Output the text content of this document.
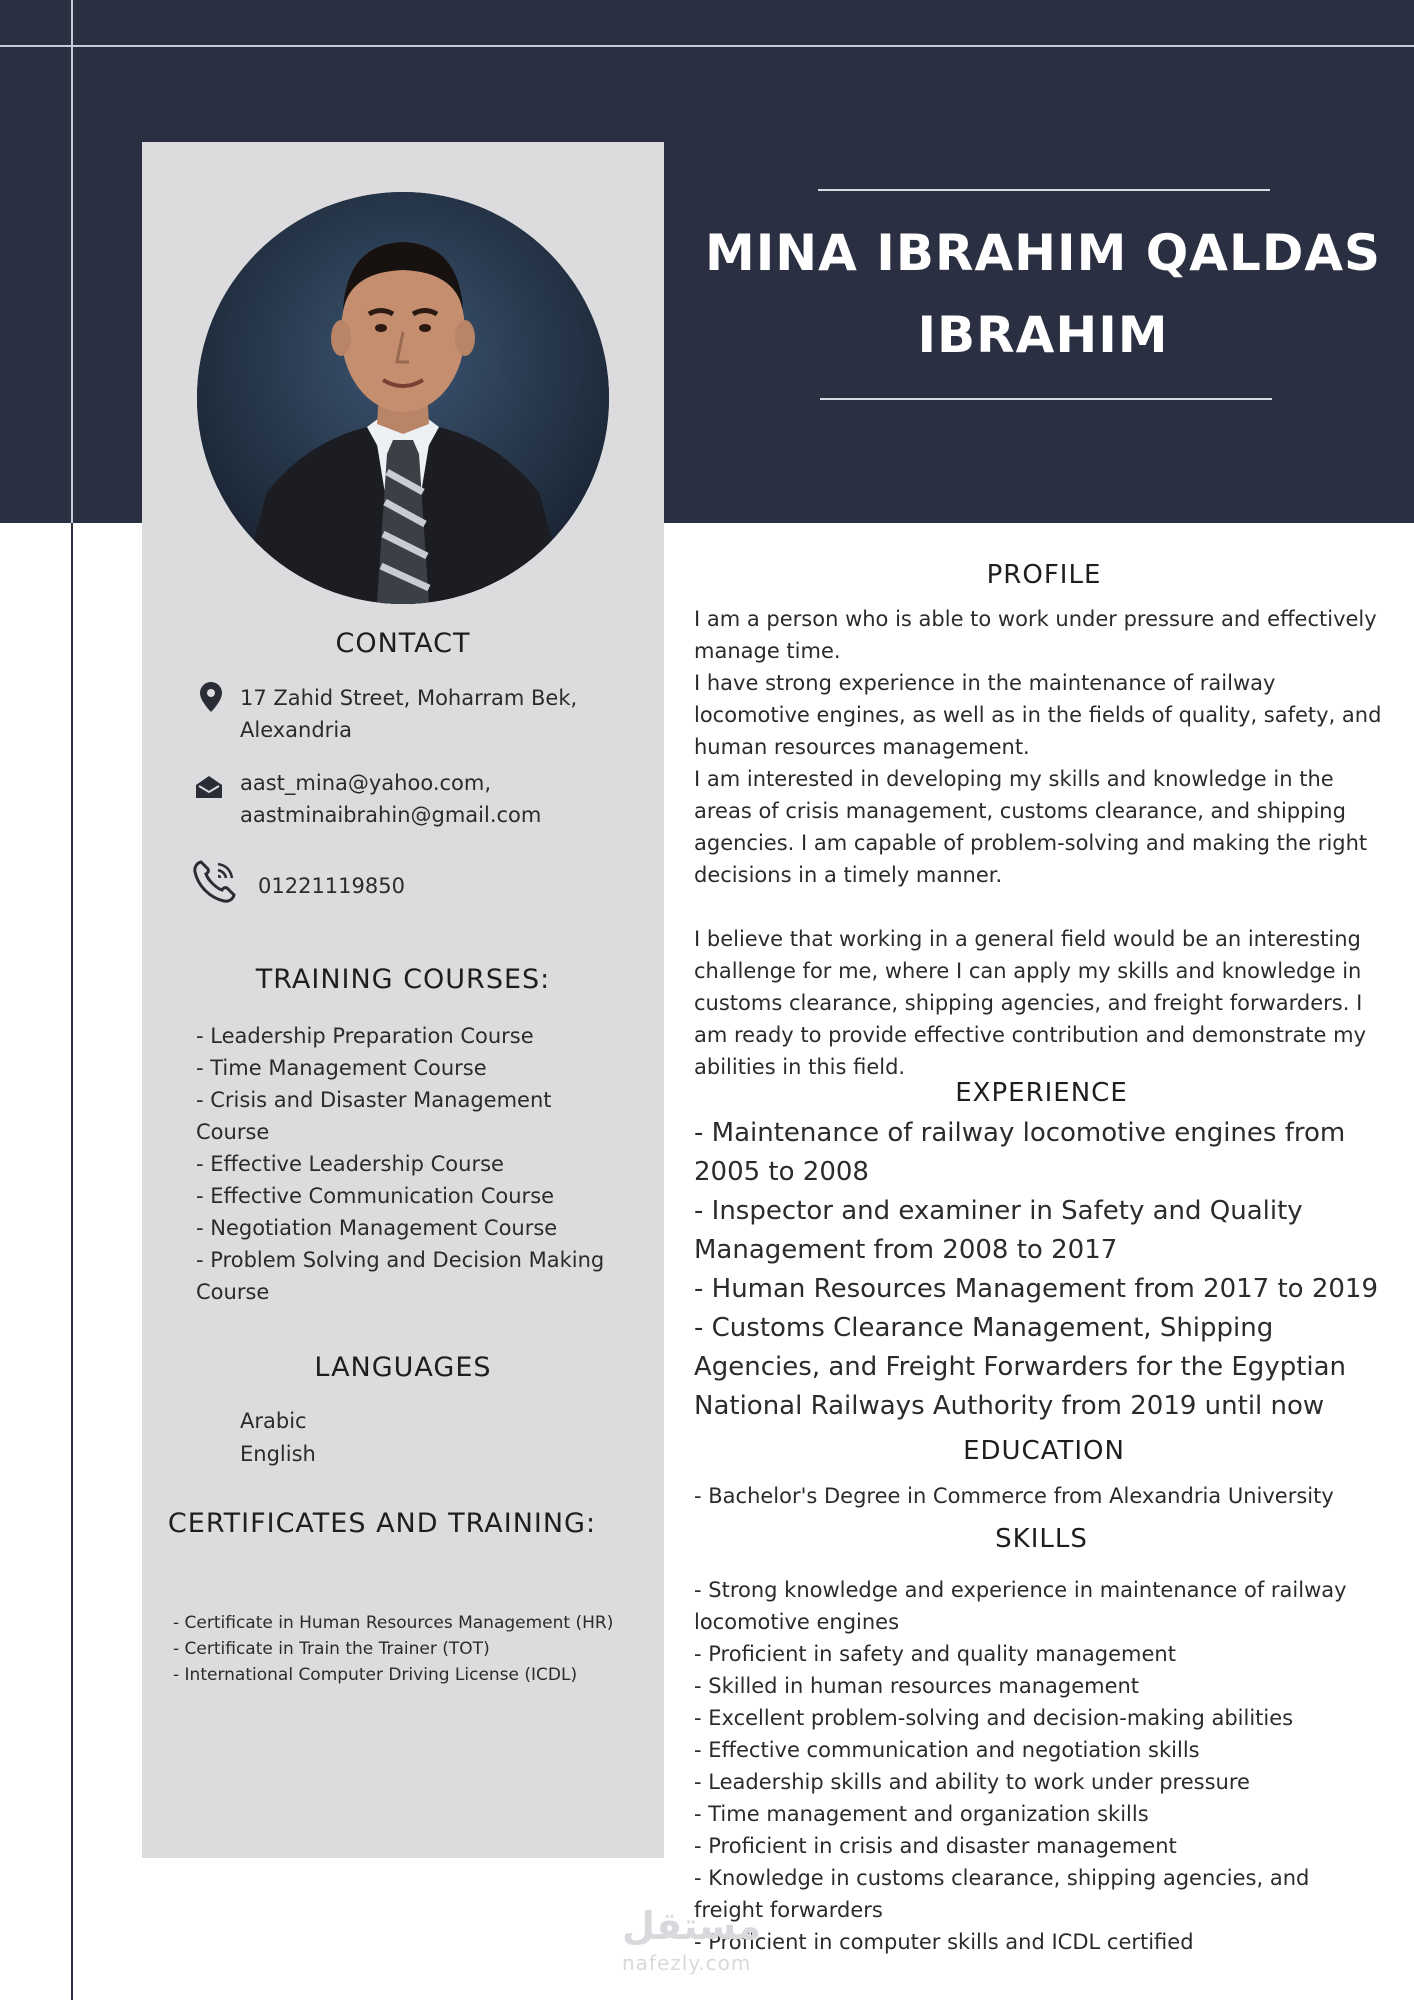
CONTACT
17 Zahid Street, Moharram Bek, Alexandria
aast_mina@yahoo.com,
aastminaibrahin@gmail.com
01221119850
TRAINING COURSES:
- Leadership Preparation Course
- Time Management Course
- Crisis and Disaster Management Course
- Effective Leadership Course
- Effective Communication Course
- Negotiation Management Course
- Problem Solving and Decision Making Course
LANGUAGES
Arabic
English
CERTIFICATES AND TRAINING:
- Certificate in Human Resources Management (HR)
- Certificate in Train the Trainer (TOT)
- International Computer Driving License (ICDL)
MINA IBRAHIM QALDAS IBRAHIM
PROFILE

I am a person who is able to work under pressure and effectively manage time.

I have strong experience in the maintenance of railway locomotive engines, as well as in the fields of quality, safety, and human resources management.

I am interested in developing my skills and knowledge in the areas of crisis management, customs clearance, and shipping agencies. I am capable of problem-solving and making the right decisions in a timely manner.

I believe that working in a general field would be an interesting challenge for me, where I can apply my skills and knowledge in customs clearance, shipping agencies, and freight forwarders. I am ready to provide effective contribution and demonstrate my abilities in this field.

EXPERIENCE
- Maintenance of railway locomotive engines from 2005 to 2008
- Inspector and examiner in Safety and Quality Management from 2008 to 2017
- Human Resources Management from 2017 to 2019
- Customs Clearance Management, Shipping Agencies, and Freight Forwarders for the Egyptian National Railways Authority from 2019 until now
EDUCATION
- Bachelor's Degree in Commerce from Alexandria University
SKILLS
- Strong knowledge and experience in maintenance of railway locomotive engines
- Proficient in safety and quality management
- Skilled in human resources management
- Excellent problem-solving and decision-making abilities
- Effective communication and negotiation skills
- Leadership skills and ability to work under pressure
- Time management and organization skills
- Proficient in crisis and disaster management
- Knowledge in customs clearance, shipping agencies, and freight forwarders
- Proficient in computer skills and ICDL certified
مستقل
nafezly.com
